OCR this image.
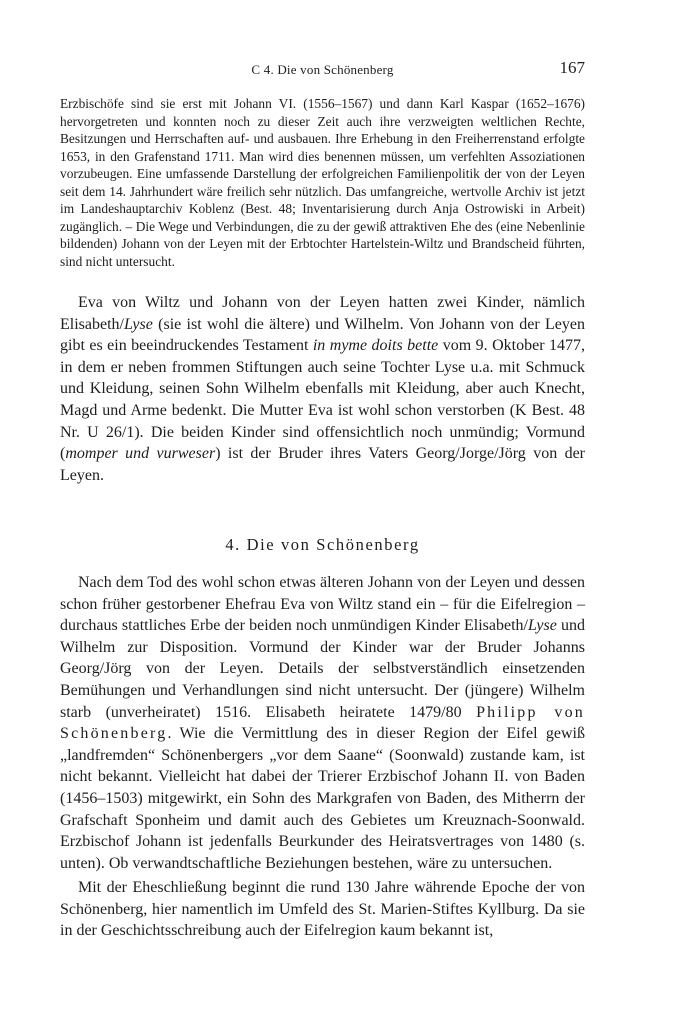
C 4. Die von Schönenberg	167
Erzbischöfe sind sie erst mit Johann VI. (1556–1567) und dann Karl Kaspar (1652–1676) hervorgetreten und konnten noch zu dieser Zeit auch ihre verzweigten weltlichen Rechte, Besitzungen und Herrschaften auf- und ausbauen. Ihre Erhebung in den Freiherrenstand erfolgte 1653, in den Grafenstand 1711. Man wird dies benennen müssen, um verfehlten Assoziationen vorzubeugen. Eine umfassende Darstellung der erfolgreichen Familienpolitik der von der Leyen seit dem 14. Jahrhundert wäre freilich sehr nützlich. Das umfangreiche, wertvolle Archiv ist jetzt im Landeshauptarchiv Koblenz (Best. 48; Inventarisierung durch Anja Ostrowiski in Arbeit) zugänglich. – Die Wege und Verbindungen, die zu der gewiß attraktiven Ehe des (eine Nebenlinie bildenden) Johann von der Leyen mit der Erbtochter Hartelstein-Wiltz und Brandscheid führten, sind nicht untersucht.

Eva von Wiltz und Johann von der Leyen hatten zwei Kinder, nämlich Elisabeth/Lyse (sie ist wohl die ältere) und Wilhelm. Von Johann von der Leyen gibt es ein beeindruckendes Testament in myme doits bette vom 9. Oktober 1477, in dem er neben frommen Stiftungen auch seine Tochter Lyse u.a. mit Schmuck und Kleidung, seinen Sohn Wilhelm ebenfalls mit Kleidung, aber auch Knecht, Magd und Arme bedenkt. Die Mutter Eva ist wohl schon verstorben (K Best. 48 Nr. U 26/1). Die beiden Kinder sind offensichtlich noch unmündig; Vormund (momper und vurweser) ist der Bruder ihres Vaters Georg/Jorge/Jörg von der Leyen.

4. Die von Schönenberg

Nach dem Tod des wohl schon etwas älteren Johann von der Leyen und dessen schon früher gestorbener Ehefrau Eva von Wiltz stand ein – für die Eifelregion – durchaus stattliches Erbe der beiden noch unmündigen Kinder Elisabeth/Lyse und Wilhelm zur Disposition. Vormund der Kinder war der Bruder Johanns Georg/Jörg von der Leyen. Details der selbstverständlich einsetzenden Bemühungen und Verhandlungen sind nicht untersucht. Der (jüngere) Wilhelm starb (unverheiratet) 1516. Elisabeth heiratete 1479/80 Philipp von Schönenberg. Wie die Vermittlung des in dieser Region der Eifel gewiß „landfremden“ Schönenbergers „vor dem Saane“ (Soonwald) zustande kam, ist nicht bekannt. Vielleicht hat dabei der Trierer Erzbischof Johann II. von Baden (1456–1503) mitgewirkt, ein Sohn des Markgrafen von Baden, des Mitherrn der Grafschaft Sponheim und damit auch des Gebietes um Kreuznach-Soonwald. Erzbischof Johann ist jedenfalls Beurkunder des Heiratsvertrages von 1480 (s. unten). Ob verwandtschaftliche Beziehungen bestehen, wäre zu untersuchen.

Mit der Eheschließung beginnt die rund 130 Jahre währende Epoche der von Schönenberg, hier namentlich im Umfeld des St. Marien-Stiftes Kyllburg. Da sie in der Geschichtsschreibung auch der Eifelregion kaum bekannt ist,
